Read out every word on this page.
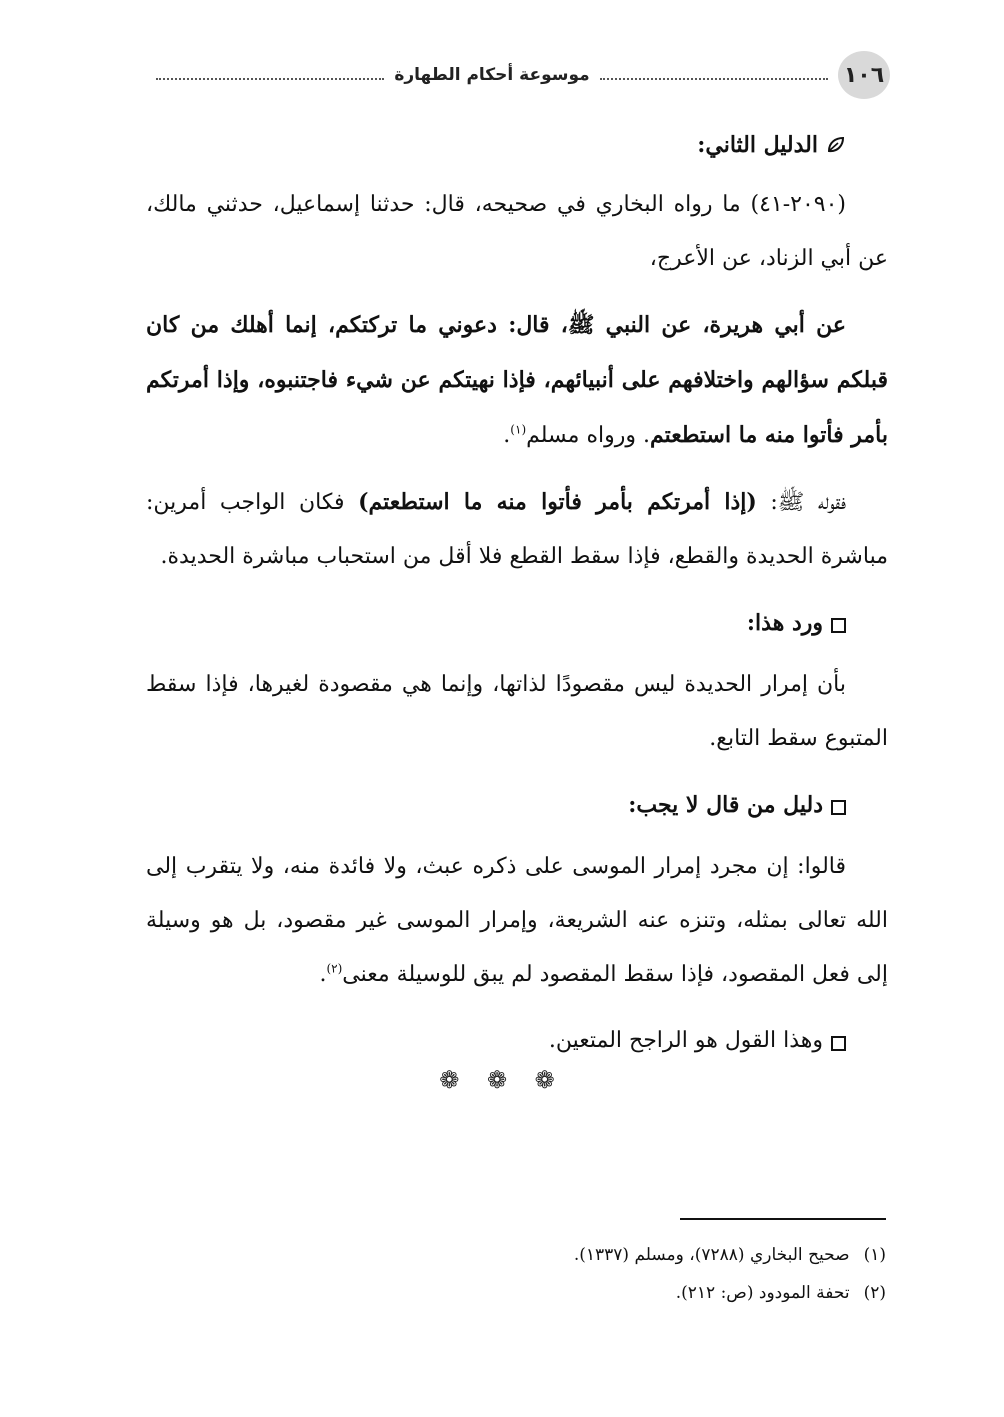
١٠٦
موسوعة أحكام الطهارة
الدليل الثاني:

(٢٠٩٠-٤١) ما رواه البخاري في صحيحه، قال: حدثنا إسماعيل، حدثني مالك، عن أبي الزناد، عن الأعرج،

عن أبي هريرة، عن النبي ﷺ، قال: دعوني ما تركتكم، إنما أهلك من كان قبلكم سؤالهم واختلافهم على أنبيائهم، فإذا نهيتكم عن شيء فاجتنبوه، وإذا أمرتكم بأمر فأتوا منه ما استطعتم. ورواه مسلم$^{(١)}$.

فقوله ﷺ: (إذا أمرتكم بأمر فأتوا منه ما استطعتم) فكان الواجب أمرين: مباشرة الحديدة والقطع، فإذا سقط القطع فلا أقل من استحباب مباشرة الحديدة.

ورد هذا:

بأن إمرار الحديدة ليس مقصودًا لذاتها، وإنما هي مقصودة لغيرها، فإذا سقط المتبوع سقط التابع.

دليل من قال لا يجب:

قالوا: إن مجرد إمرار الموسى على ذكره عبث، ولا فائدة منه، ولا يتقرب إلى الله تعالى بمثله، وتنزه عنه الشريعة، وإمرار الموسى غير مقصود، بل هو وسيلة إلى فعل المقصود، فإذا سقط المقصود لم يبق للوسيلة معنى$^{(٢)}$.

وهذا القول هو الراجح المتعين.
❁ ❁ ❁
(١)
صحيح البخاري (٧٢٨٨)، ومسلم (١٣٣٧).
(٢)
تحفة المودود (ص: ٢١٢).
